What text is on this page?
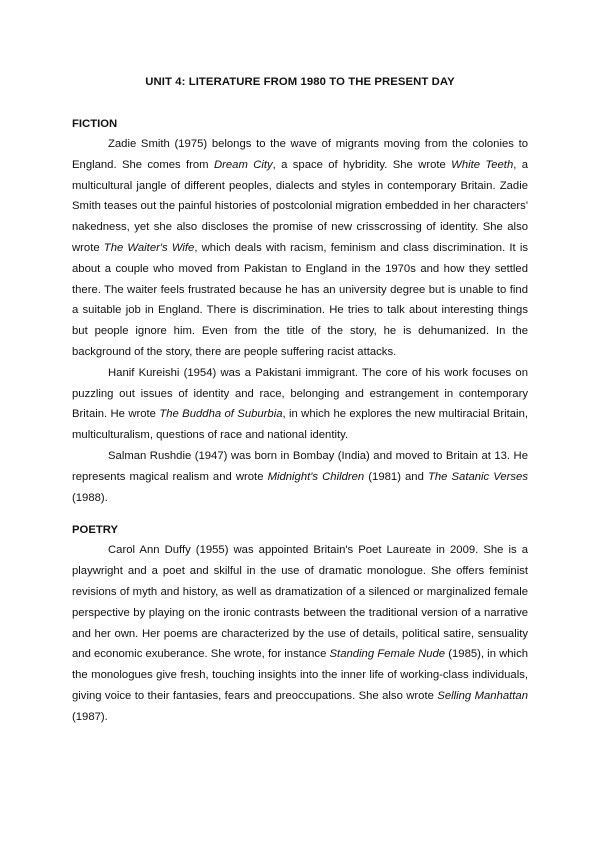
UNIT 4: LITERATURE FROM 1980 TO THE PRESENT DAY
FICTION

Zadie Smith (1975) belongs to the wave of migrants moving from the colonies to England. She comes from Dream City, a space of hybridity. She wrote White Teeth, a multicultural jangle of different peoples, dialects and styles in contemporary Britain. Zadie Smith teases out the painful histories of postcolonial migration embedded in her characters' nakedness, yet she also discloses the promise of new crisscrossing of identity. She also wrote The Waiter's Wife, which deals with racism, feminism and class discrimination. It is about a couple who moved from Pakistan to England in the 1970s and how they settled there. The waiter feels frustrated because he has an university degree but is unable to find a suitable job in England. There is discrimination. He tries to talk about interesting things but people ignore him. Even from the title of the story, he is dehumanized. In the background of the story, there are people suffering racist attacks.

Hanif Kureishi (1954) was a Pakistani immigrant. The core of his work focuses on puzzling out issues of identity and race, belonging and estrangement in contemporary Britain. He wrote The Buddha of Suburbia, in which he explores the new multiracial Britain, multiculturalism, questions of race and national identity.

Salman Rushdie (1947) was born in Bombay (India) and moved to Britain at 13. He represents magical realism and wrote Midnight's Children (1981) and The Satanic Verses (1988).

POETRY

Carol Ann Duffy (1955) was appointed Britain's Poet Laureate in 2009. She is a playwright and a poet and skilful in the use of dramatic monologue. She offers feminist revisions of myth and history, as well as dramatization of a silenced or marginalized female perspective by playing on the ironic contrasts between the traditional version of a narrative and her own. Her poems are characterized by the use of details, political satire, sensuality and economic exuberance. She wrote, for instance Standing Female Nude (1985), in which the monologues give fresh, touching insights into the inner life of working-class individuals, giving voice to their fantasies, fears and preoccupations. She also wrote Selling Manhattan (1987).
